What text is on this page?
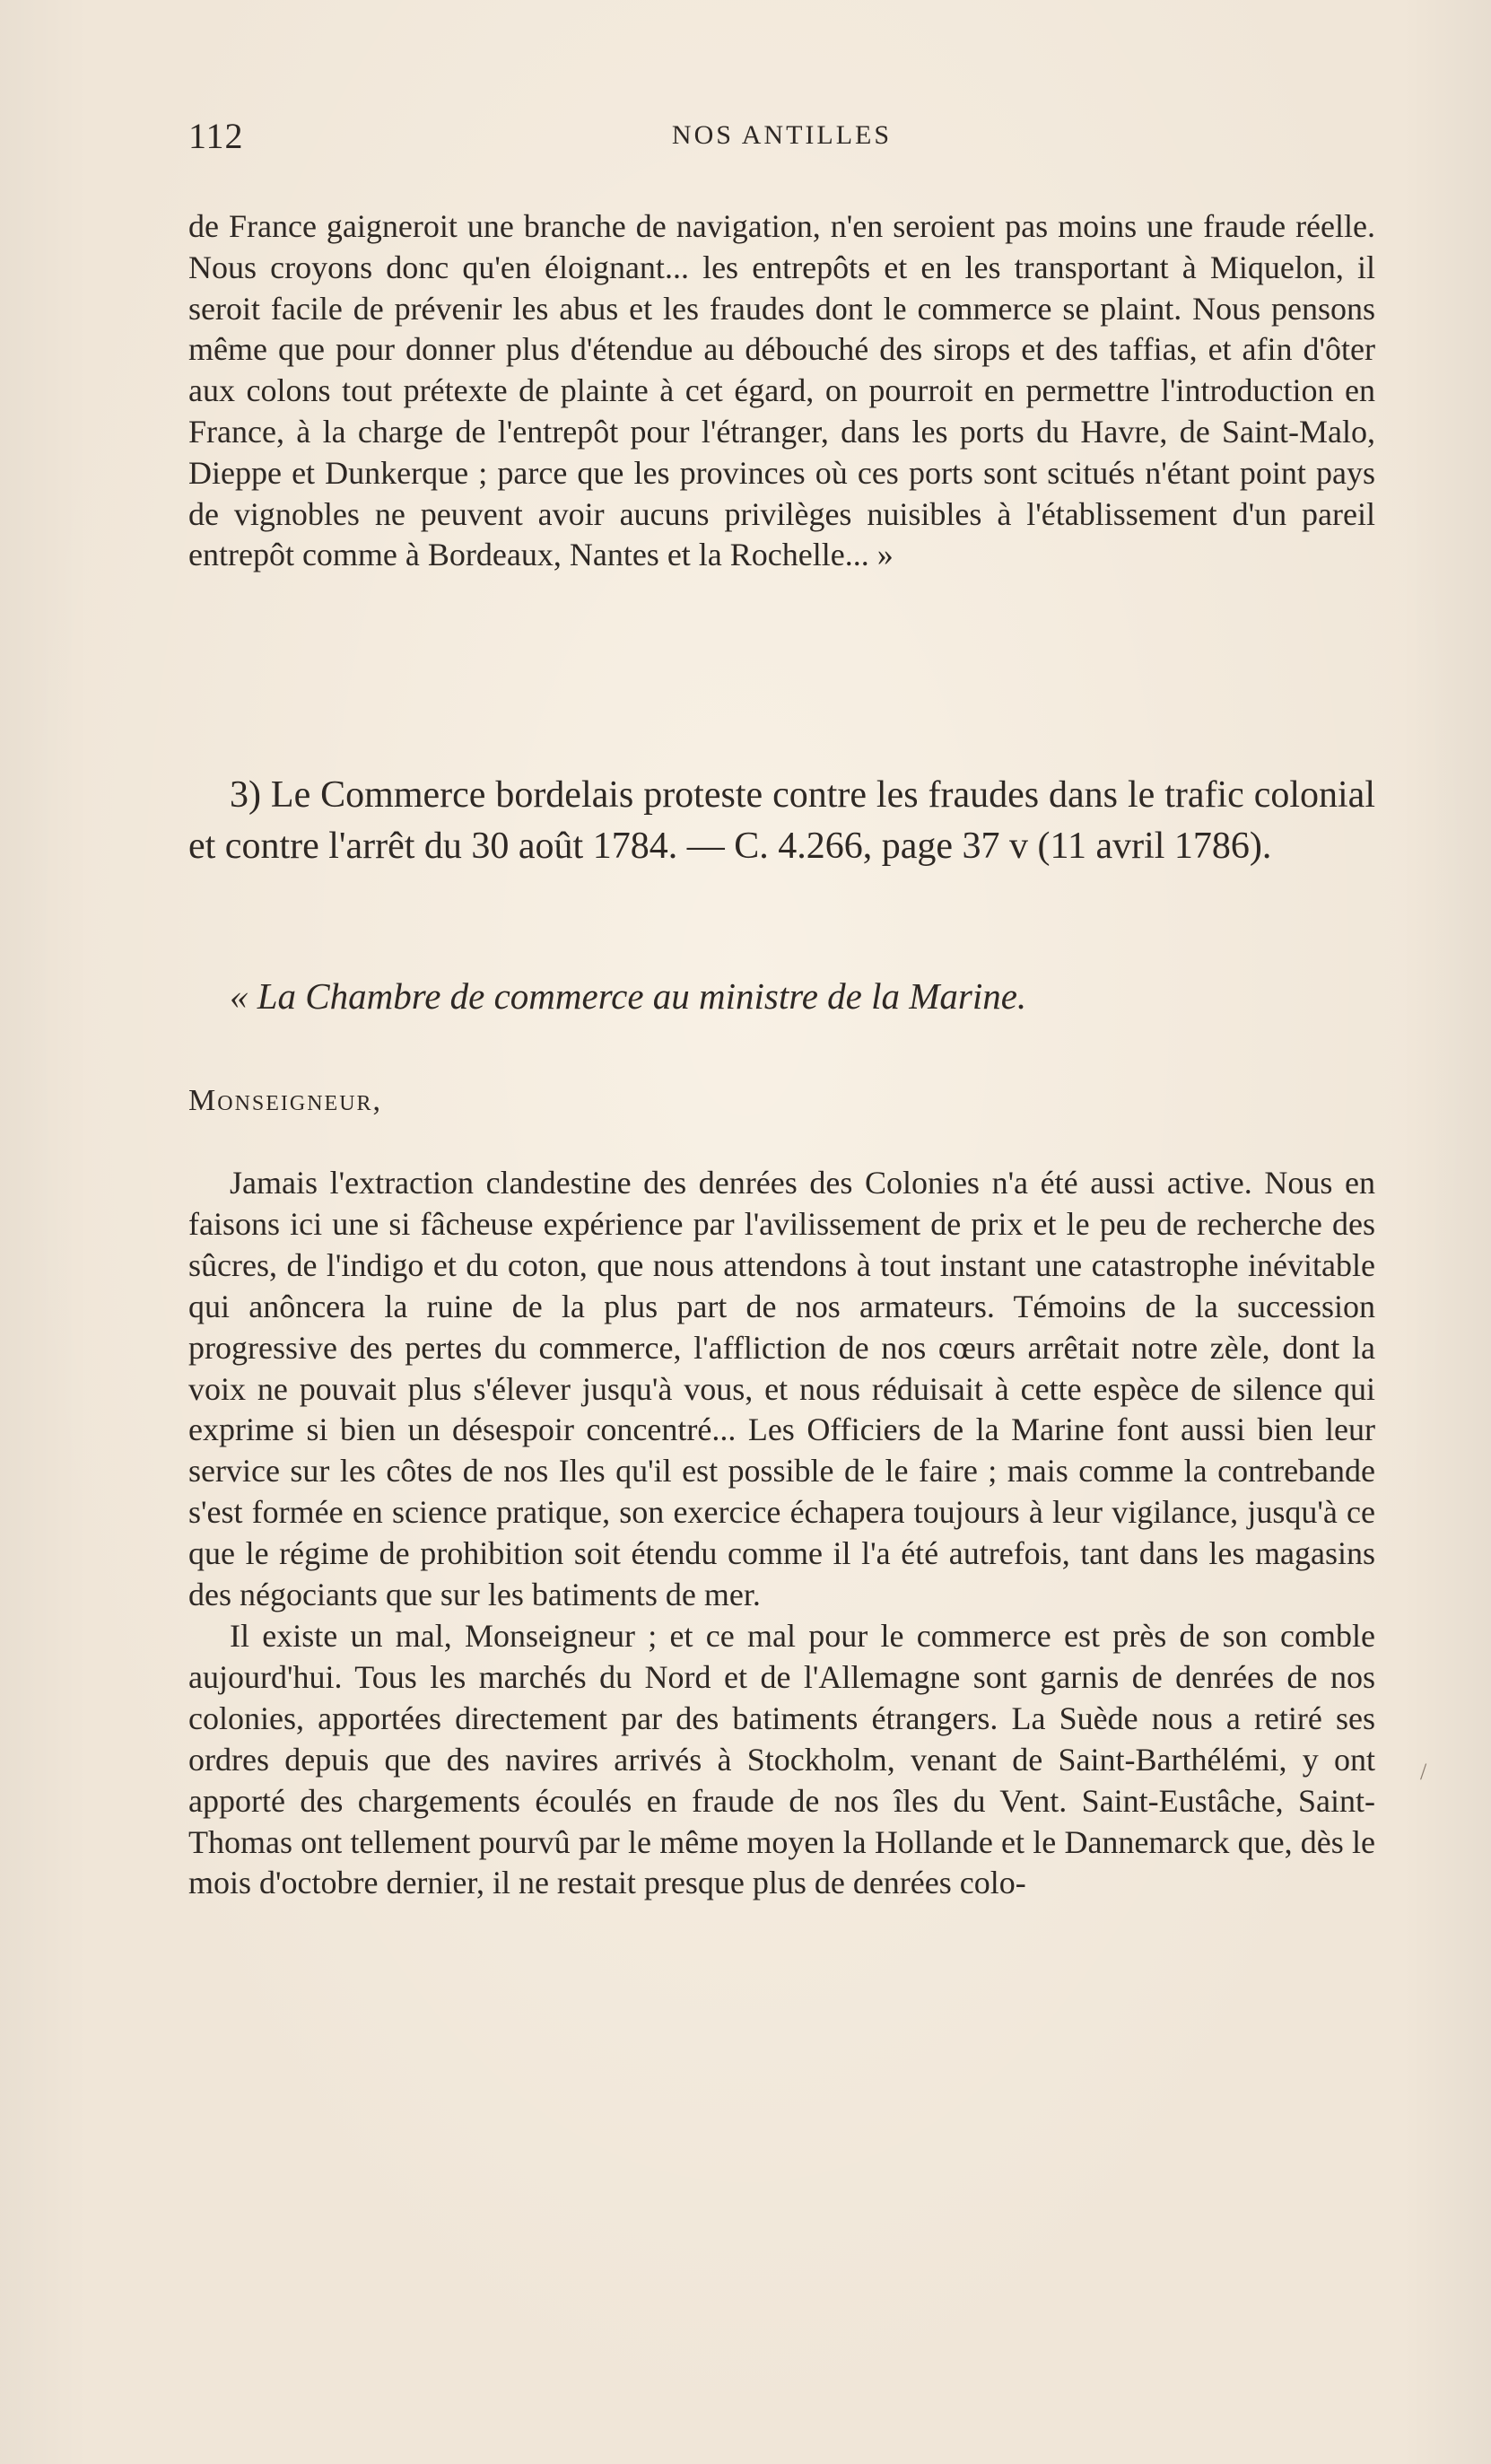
112	NOS ANTILLES

de France gaigneroit une branche de navigation, n'en seroient pas moins une fraude réelle. Nous croyons donc qu'en éloignant... les entrepôts et en les transportant à Miquelon, il seroit facile de prévenir les abus et les fraudes dont le commerce se plaint. Nous pensons même que pour donner plus d'étendue au débouché des sirops et des taffias, et afin d'ôter aux colons tout prétexte de plainte à cet égard, on pourroit en permettre l'introduction en France, à la charge de l'entrepôt pour l'étranger, dans les ports du Havre, de Saint-Malo, Dieppe et Dunkerque ; parce que les provinces où ces ports sont scitués n'étant point pays de vignobles ne peuvent avoir aucuns privilèges nuisibles à l'établissement d'un pareil entrepôt comme à Bordeaux, Nantes et la Rochelle... »

3) Le Commerce bordelais proteste contre les fraudes dans le trafic colonial et contre l'arrêt du 30 août 1784. — C. 4.266, page 37 v (11 avril 1786).

« La Chambre de commerce au ministre de la Marine.

Monseigneur,

Jamais l'extraction clandestine des denrées des Colonies n'a été aussi active. Nous en faisons ici une si fâcheuse expérience par l'avilissement de prix et le peu de recherche des sûcres, de l'indigo et du coton, que nous attendons à tout instant une catastrophe inévitable qui anôncera la ruine de la plus part de nos armateurs. Témoins de la succession progressive des pertes du commerce, l'affliction de nos cœurs arrêtait notre zèle, dont la voix ne pouvait plus s'élever jusqu'à vous, et nous réduisait à cette espèce de silence qui exprime si bien un désespoir concentré... Les Officiers de la Marine font aussi bien leur service sur les côtes de nos Iles qu'il est possible de le faire ; mais comme la contrebande s'est formée en science pratique, son exercice échapera toujours à leur vigilance, jusqu'à ce que le régime de prohibition soit étendu comme il l'a été autrefois, tant dans les magasins des négociants que sur les batiments de mer.

Il existe un mal, Monseigneur ; et ce mal pour le commerce est près de son comble aujourd'hui. Tous les marchés du Nord et de l'Allemagne sont garnis de denrées de nos colonies, apportées directement par des batiments étrangers. La Suède nous a retiré ses ordres depuis que des navires arrivés à Stockholm, venant de Saint-Barthélémi, y ont apporté des chargements écoulés en fraude de nos îles du Vent. Saint-Eustâche, Saint-Thomas ont tellement pourvû par le même moyen la Hollande et le Dannemarck que, dès le mois d'octobre dernier, il ne restait presque plus de denrées colo-

/
